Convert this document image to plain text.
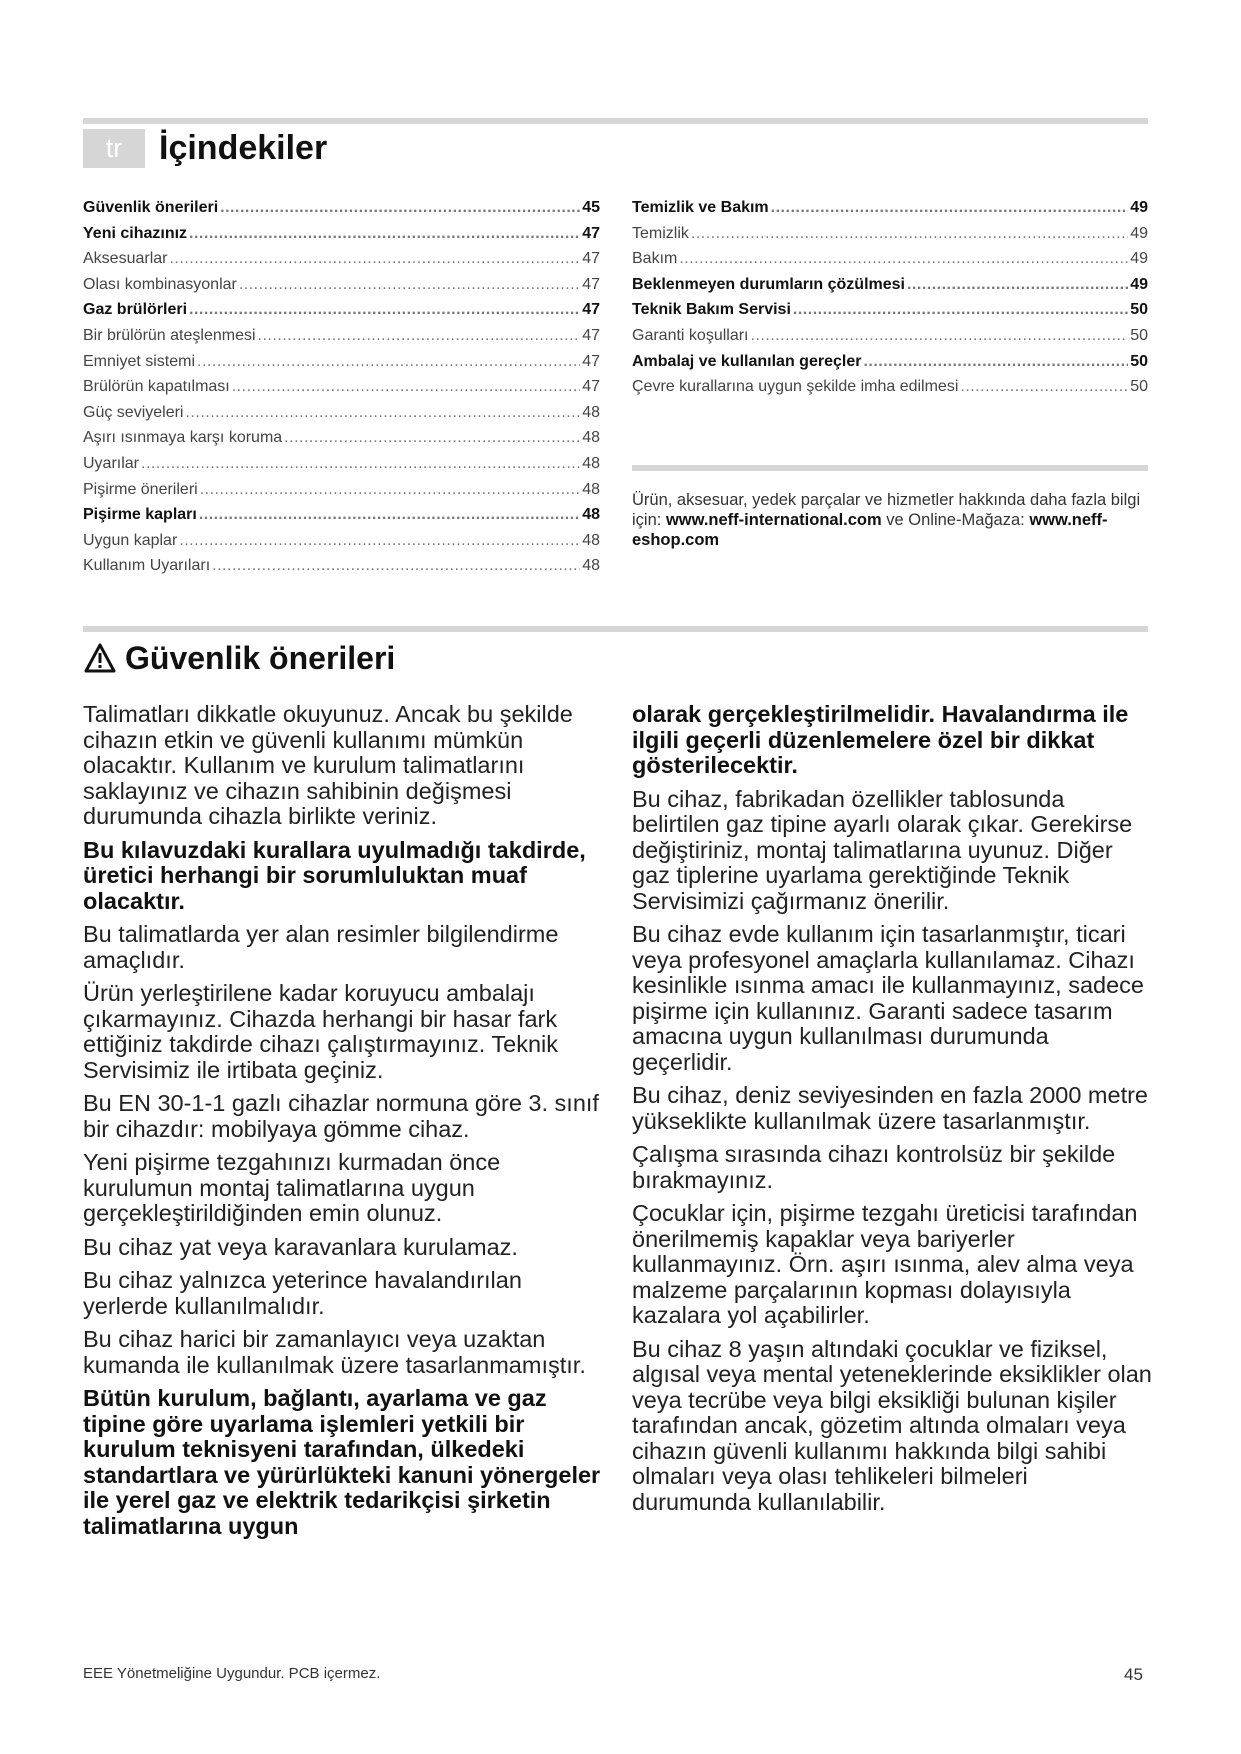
tr	İçindekiler
Güvenlik önerileri .....	45
Yeni cihazınız .....	47
Aksesuarlar .....	47
Olası kombinasyonlar .....	47
Gaz brülörleri .....	47
Bir brülörün ateşlenmesi .....	47
Emniyet sistemi .....	47
Brülörün kapatılması .....	47
Güç seviyeleri .....	48
Aşırı ısınmaya karşı koruma .....	48
Uyarılar .....	48
Pişirme önerileri .....	48
Pişirme kapları .....	48
Uygun kaplar .....	48
Kullanım Uyarıları .....	48
Temizlik ve Bakım .....	49
Temizlik .....	49
Bakım .....	49
Beklenmeyen durumların çözülmesi .....	49
Teknik Bakım Servisi .....	50
Garanti koşulları .....	50
Ambalaj ve kullanılan gereçler .....	50
Çevre kurallarına uygun şekilde imha edilmesi .....	50

Ürün, aksesuar, yedek parçalar ve hizmetler hakkında daha fazla bilgi için: www.neff-international.com ve Online-Mağaza: www.neff-eshop.com

Güvenlik önerileri

Talimatları dikkatle okuyunuz. Ancak bu şekilde cihazın etkin ve güvenli kullanımı mümkün olacaktır. Kullanım ve kurulum talimatlarını saklayınız ve cihazın sahibinin değişmesi durumunda cihazla birlikte veriniz.

Bu kılavuzdaki kurallara uyulmadığı takdirde, üretici herhangi bir sorumluluktan muaf olacaktır.

Bu talimatlarda yer alan resimler bilgilendirme amaçlıdır.

Ürün yerleştirilene kadar koruyucu ambalajı çıkarmayınız. Cihazda herhangi bir hasar fark ettiğiniz takdirde cihazı çalıştırmayınız. Teknik Servisimiz ile irtibata geçiniz.

Bu EN 30-1-1 gazlı cihazlar normuna göre 3. sınıf bir cihazdır: mobilyaya gömme cihaz.

Yeni pişirme tezgahınızı kurmadan önce kurulumun montaj talimatlarına uygun gerçekleştirildiğinden emin olunuz.

Bu cihaz yat veya karavanlara kurulamaz.

Bu cihaz yalnızca yeterince havalandırılan yerlerde kullanılmalıdır.

Bu cihaz harici bir zamanlayıcı veya uzaktan kumanda ile kullanılmak üzere tasarlanmamıştır.

Bütün kurulum, bağlantı, ayarlama ve gaz tipine göre uyarlama işlemleri yetkili bir kurulum teknisyeni tarafından, ülkedeki standartlara ve yürürlükteki kanuni yönergeler ile yerel gaz ve elektrik tedarikçisi şirketin talimatlarına uygun

olarak gerçekleştirilmelidir. Havalandırma ile ilgili geçerli düzenlemelere özel bir dikkat gösterilecektir.

Bu cihaz, fabrikadan özellikler tablosunda belirtilen gaz tipine ayarlı olarak çıkar. Gerekirse değiştiriniz, montaj talimatlarına uyunuz. Diğer gaz tiplerine uyarlama gerektiğinde Teknik Servisimizi çağırmanız önerilir.

Bu cihaz evde kullanım için tasarlanmıştır, ticari veya profesyonel amaçlarla kullanılamaz. Cihazı kesinlikle ısınma amacı ile kullanmayınız, sadece pişirme için kullanınız. Garanti sadece tasarım amacına uygun kullanılması durumunda geçerlidir.

Bu cihaz, deniz seviyesinden en fazla 2000 metre yükseklikte kullanılmak üzere tasarlanmıştır.

Çalışma sırasında cihazı kontrolsüz bir şekilde bırakmayınız.

Çocuklar için, pişirme tezgahı üreticisi tarafından önerilmemiş kapaklar veya bariyerler kullanmayınız. Örn. aşırı ısınma, alev alma veya malzeme parçalarının kopması dolayısıyla kazalara yol açabilirler.

Bu cihaz 8 yaşın altındaki çocuklar ve fiziksel, algısal veya mental yeteneklerinde eksiklikler olan veya tecrübe veya bilgi eksikliği bulunan kişiler tarafından ancak, gözetim altında olmaları veya cihazın güvenli kullanımı hakkında bilgi sahibi olmaları veya olası tehlikeleri bilmeleri durumunda kullanılabilir.

EEE Yönetmeliğine Uygundur. PCB içermez.	45
